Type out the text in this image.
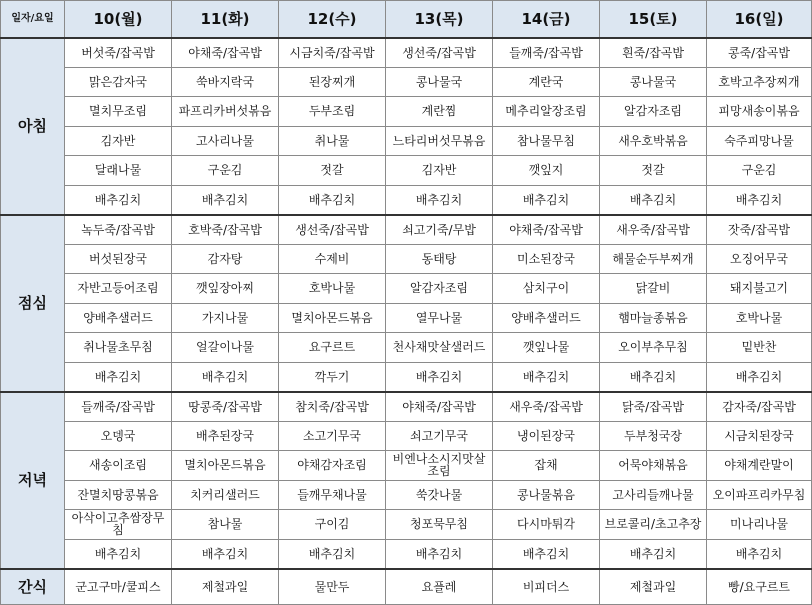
일자/요일	10(월)	11(화)	12(수)	13(목)	14(금)	15(토)	16(일)
아침	버섯죽/잡곡밥	야채죽/잡곡밥	시금치죽/잡곡밥	생선죽/잡곡밥	들깨죽/잡곡밥	흰죽/잡곡밥	콩죽/잡곡밥
	맑은감자국	쑥바지락국	된장찌개	콩나물국	계란국	콩나물국	호박고추장찌개
	멸치무조림	파프리카버섯볶음	두부조림	계란찜	메추리알장조림	알감자조림	피망새송이볶음
	김자반	고사리나물	취나물	느타리버섯무볶음	참나물무침	새우호박볶음	숙주피망나물
	달래나물	구운김	젓갈	김자반	깻잎지	젓갈	구운김
	배추김치	배추김치	배추김치	배추김치	배추김치	배추김치	배추김치
점심	녹두죽/잡곡밥	호박죽/잡곡밥	생선죽/잡곡밥	쇠고기죽/무밥	야채죽/잡곡밥	새우죽/잡곡밥	잣죽/잡곡밥
	버섯된장국	감자탕	수제비	동태탕	미소된장국	해물순두부찌개	오징어무국
	자반고등어조림	깻잎장아찌	호박나물	알감자조림	삼치구이	닭갈비	돼지불고기
	양배추샐러드	가지나물	멸치아몬드볶음	열무나물	양배추샐러드	햄마늘종볶음	호박나물
	취나물초무침	얼갈이나물	요구르트	천사채맛살샐러드	깻잎나물	오이부추무침	밑반찬
	배추김치	배추김치	깍두기	배추김치	배추김치	배추김치	배추김치
저녁	들깨죽/잡곡밥	땅콩죽/잡곡밥	참치죽/잡곡밥	야채죽/잡곡밥	새우죽/잡곡밥	닭죽/잡곡밥	감자죽/잡곡밥
	오뎅국	배추된장국	소고기무국	쇠고기무국	냉이된장국	두부청국장	시금치된장국
	새송이조림	멸치아몬드볶음	야채감자조림	비엔나소시지맛살조림	잡채	어묵야채볶음	야채계란말이
	잔멸치땅콩볶음	치커리샐러드	들깨무채나물	쑥갓나물	콩나물볶음	고사리들깨나물	오이파프리카무침
	아삭이고추쌈장무침	참나물	구이김	청포묵무침	다시마튀각	브로콜리/초고추장	미나리나물
	배추김치	배추김치	배추김치	배추김치	배추김치	배추김치	배추김치
간식	군고구마/쿨피스	제철과일	물만두	요플레	비피더스	제철과일	빵/요구르트
